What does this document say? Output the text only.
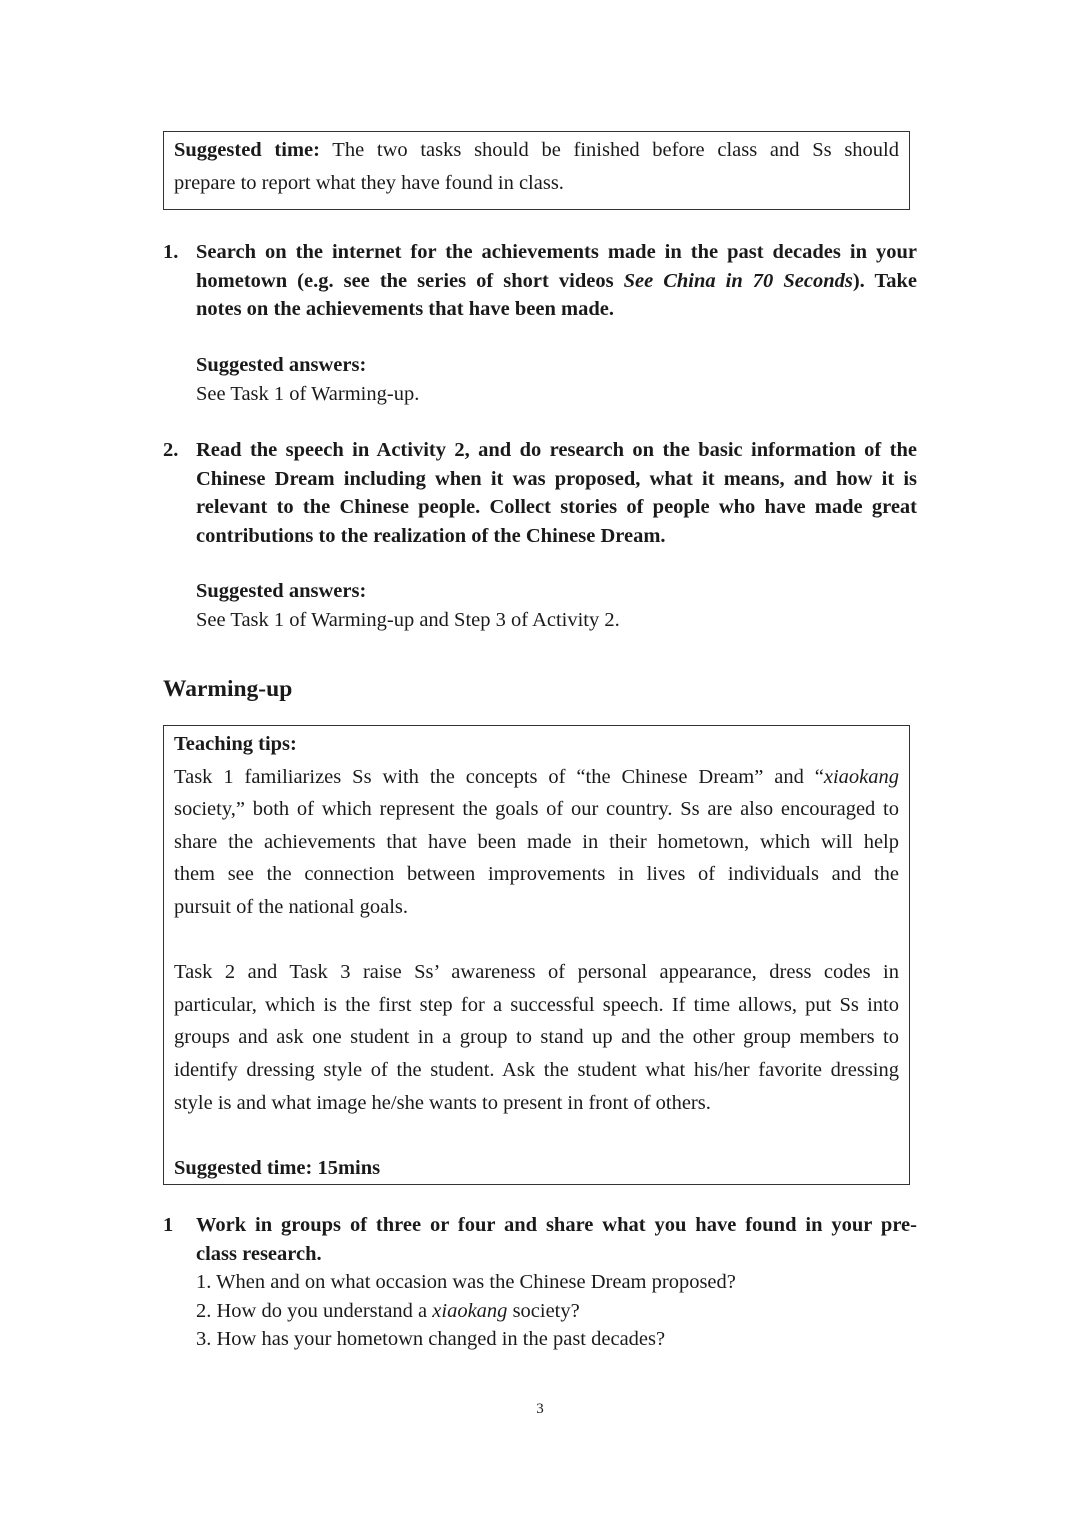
Suggested time: The two tasks should be finished before class and Ss should
prepare to report what they have found in class.
1. Search on the internet for the achievements made in the past decades in your
hometown (e.g. see the series of short videos See China in 70 Seconds). Take
notes on the achievements that have been made.
Suggested answers:
See Task 1 of Warming-up.
2. Read the speech in Activity 2, and do research on the basic information of the
Chinese Dream including when it was proposed, what it means, and how it is
relevant to the Chinese people. Collect stories of people who have made great
contributions to the realization of the Chinese Dream.
Suggested answers:
See Task 1 of Warming-up and Step 3 of Activity 2.
Warming-up
Teaching tips:
Task 1 familiarizes Ss with the concepts of “the Chinese Dream” and “xiaokang
society,” both of which represent the goals of our country. Ss are also encouraged to
share the achievements that have been made in their hometown, which will help
them see the connection between improvements in lives of individuals and the
pursuit of the national goals.
Task 2 and Task 3 raise Ss’ awareness of personal appearance, dress codes in
particular, which is the first step for a successful speech. If time allows, put Ss into
groups and ask one student in a group to stand up and the other group members to
identify dressing style of the student. Ask the student what his/her favorite dressing
style is and what image he/she wants to present in front of others.
Suggested time: 15mins
1 Work in groups of three or four and share what you have found in your pre-
class research.
1. When and on what occasion was the Chinese Dream proposed?
2. How do you understand a xiaokang society?
3. How has your hometown changed in the past decades?
3
